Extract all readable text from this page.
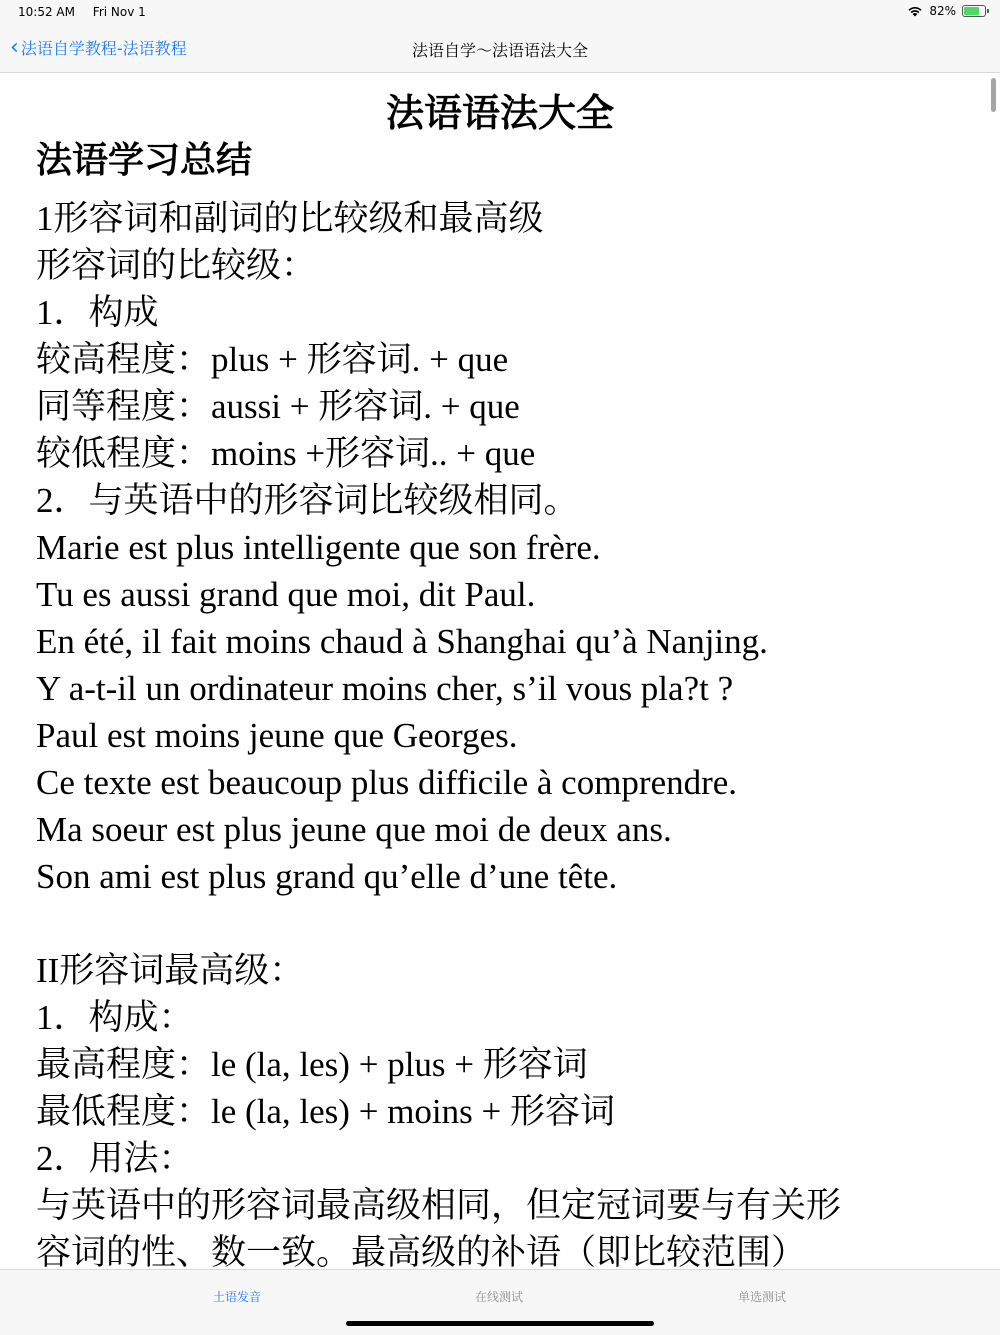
10:52 AM Fri Nov 1	82%
‹ 法语自学教程-法语教程	法语自学～法语语法大全
法语语法大全
法语学习总结
1形容词和副词的比较级和最高级
形容词的比较级：
1．构成
较高程度：plus + 形容词. + que
同等程度：aussi + 形容词. + que
较低程度：moins +形容词.. + que
2．与英语中的形容词比较级相同。
Marie est plus intelligente que son frère.
Tu es aussi grand que moi, dit Paul.
En été, il fait moins chaud à Shanghai qu’à Nanjing.
Y a-t-il un ordinateur moins cher, s’il vous pla?t ?
Paul est moins jeune que Georges.
Ce texte est beaucoup plus difficile à comprendre.
Ma soeur est plus jeune que moi de deux ans.
Son ami est plus grand qu’elle d’une tête.
II形容词最高级：
1．构成：
最高程度：le (la, les) + plus + 形容词
最低程度：le (la, les) + moins + 形容词
2．用法：
与英语中的形容词最高级相同，但定冠词要与有关形
容词的性、数一致。最高级的补语（即比较范围）
土语发音	在线测试	单选测试
